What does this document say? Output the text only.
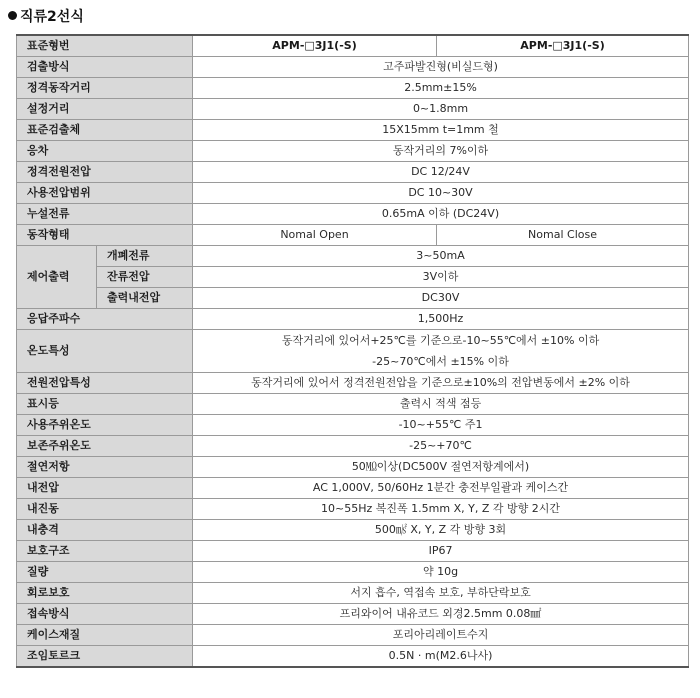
직류2선식
표준형번		APM-□3J1(-S)	APM-□3J1(-S)
검출방식		고주파발진형(비실드형)	
정격동작거리		2.5mm±15%	
설정거리		0~1.8mm	
표준검출체		15X15mm t=1mm 철	
응차		동작거리의 7%이하	
정격전원전압		DC 12/24V	
사용전압범위		DC 10~30V	
누설전류		0.65mA 이하 (DC24V)	
동작형태		Nomal Open	Nomal Close
제어출력	개폐전류	3~50mA	
	잔류전압	3V이하	
	출력내전압	DC30V	
응답주파수		1,500Hz	
온도특성		동작거리에 있어서+25℃를 기준으로-10~55℃에서 ±10% 이하
-25~70℃에서 ±15% 이하	

전원전압특성		동작거리에 있어서 정격전원전압을 기준으로±10%의 전압변동에서 ±2% 이하	
표시등		출력시 적색 점등	
사용주위온도		-10~+55℃ 주1	
보존주위온도		-25~+70℃	
절연저항		50㏁이상(DC500V 절연저항계에서)	
내전압		AC 1,000V, 50/60Hz 1분간 충전부일괄과 케이스간	
내진동		10~55Hz 복진폭 1.5mm X, Y, Z 각 방향 2시간	
내충격		500㎨ X, Y, Z 각 방향 3회	
보호구조		IP67	
질량		약 10g	
회로보호		서지 흡수, 역접속 보호, 부하단락보호	
접속방식		프리와이어 내유코드 외경2.5mm 0.08㎟	
케이스재질		포리아리레이트수지	
조임토르크		0.5N · m(M2.6나사)	
